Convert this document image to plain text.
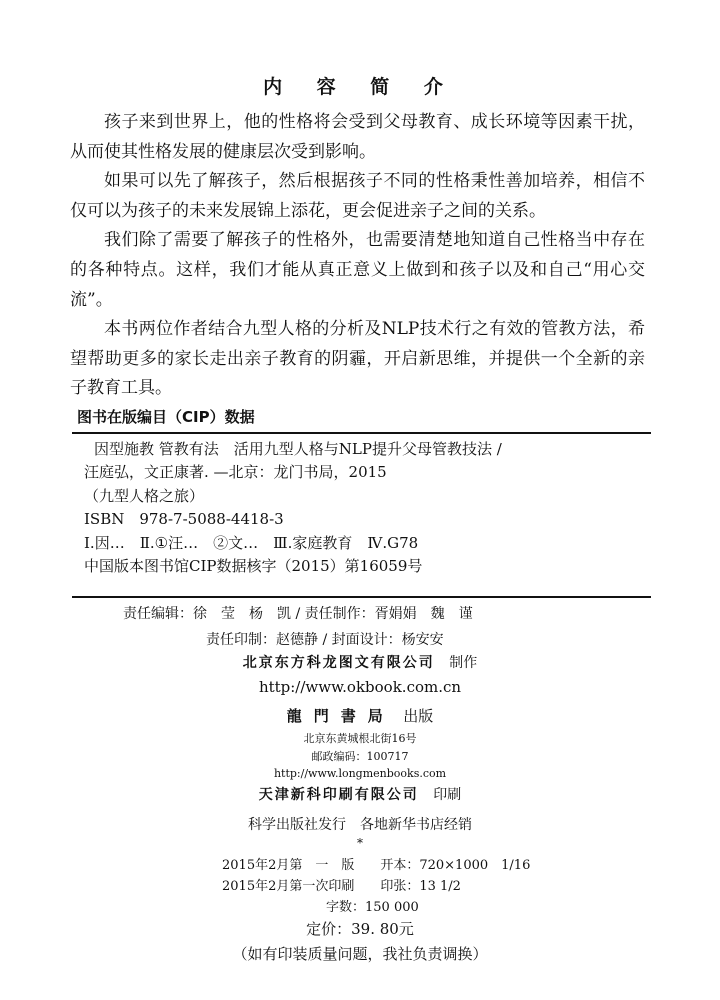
内 容 简 介

孩子来到世界上，他的性格将会受到父母教育、成长环境等因素干扰，从而使其性格发展的健康层次受到影响。

如果可以先了解孩子，然后根据孩子不同的性格秉性善加培养，相信不仅可以为孩子的未来发展锦上添花，更会促进亲子之间的关系。

我们除了需要了解孩子的性格外，也需要清楚地知道自己性格当中存在的各种特点。这样，我们才能从真正意义上做到和孩子以及和自己“用心交流”。

本书两位作者结合九型人格的分析及NLP技术行之有效的管教方法，希望帮助更多的家长走出亲子教育的阴霾，开启新思维，并提供一个全新的亲子教育工具。

图书在版编目（CIP）数据
因型施教 管教有法　活用九型人格与NLP提升父母管教技法 /
汪庭弘，文正康著. —北京：龙门书局，2015
（九型人格之旅）
ISBN　978-7-5088-4418-3
Ⅰ.因…　Ⅱ.①汪…　②文…　Ⅲ.家庭教育　Ⅳ.G78
中国版本图书馆CIP数据核字（2015）第16059号
责任编辑：徐　莹　杨　凯 / 责任制作：胥娟娟　魏　谨
责任印制：赵德静 / 封面设计：杨安安
北京东方科龙图文有限公司 制作
http://www.okbook.com.cn
龍門書局 出版
北京东黄城根北街16号
邮政编码：100717
http://www.longmenbooks.com
天津新科印刷有限公司 印刷
科学出版社发行　各地新华书店经销
*
2015年2月第　一　版　　开本：720×1000　1/16
2015年2月第一次印刷　　印张：13 1/2
字数：150 000
定价：39. 80元
（如有印装质量问题，我社负责调换）
